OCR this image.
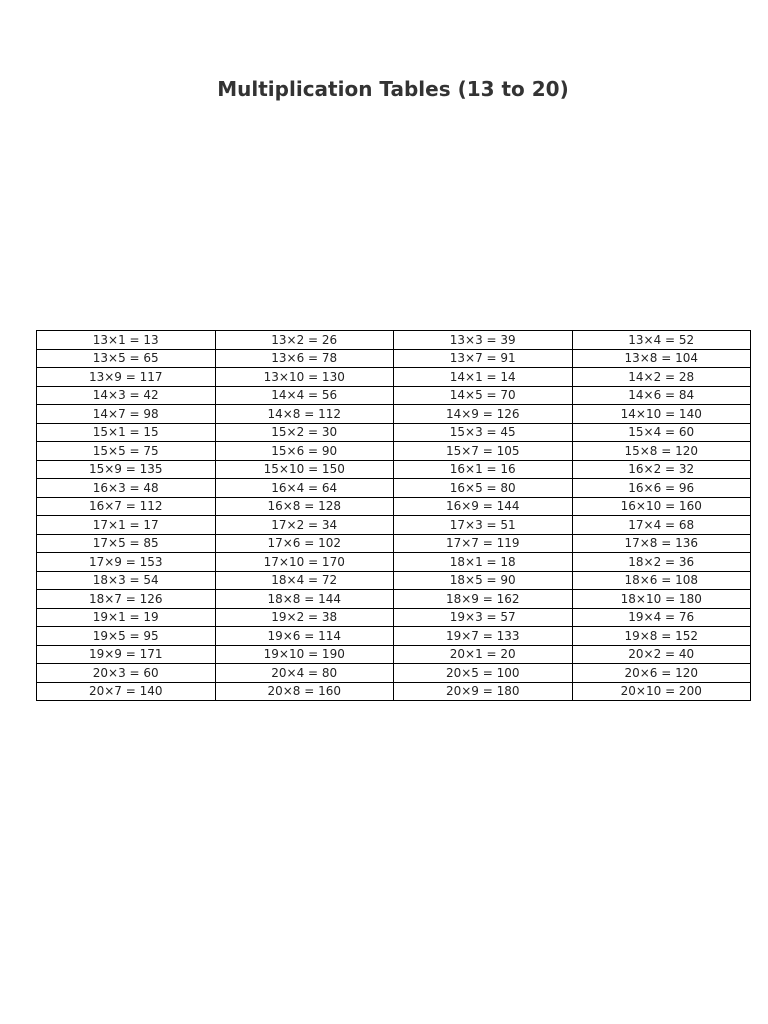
Multiplication Tables (13 to 20)
13×1 = 13	13×2 = 26	13×3 = 39	13×4 = 52
13×5 = 65	13×6 = 78	13×7 = 91	13×8 = 104
13×9 = 117	13×10 = 130	14×1 = 14	14×2 = 28
14×3 = 42	14×4 = 56	14×5 = 70	14×6 = 84
14×7 = 98	14×8 = 112	14×9 = 126	14×10 = 140
15×1 = 15	15×2 = 30	15×3 = 45	15×4 = 60
15×5 = 75	15×6 = 90	15×7 = 105	15×8 = 120
15×9 = 135	15×10 = 150	16×1 = 16	16×2 = 32
16×3 = 48	16×4 = 64	16×5 = 80	16×6 = 96
16×7 = 112	16×8 = 128	16×9 = 144	16×10 = 160
17×1 = 17	17×2 = 34	17×3 = 51	17×4 = 68
17×5 = 85	17×6 = 102	17×7 = 119	17×8 = 136
17×9 = 153	17×10 = 170	18×1 = 18	18×2 = 36
18×3 = 54	18×4 = 72	18×5 = 90	18×6 = 108
18×7 = 126	18×8 = 144	18×9 = 162	18×10 = 180
19×1 = 19	19×2 = 38	19×3 = 57	19×4 = 76
19×5 = 95	19×6 = 114	19×7 = 133	19×8 = 152
19×9 = 171	19×10 = 190	20×1 = 20	20×2 = 40
20×3 = 60	20×4 = 80	20×5 = 100	20×6 = 120
20×7 = 140	20×8 = 160	20×9 = 180	20×10 = 200
